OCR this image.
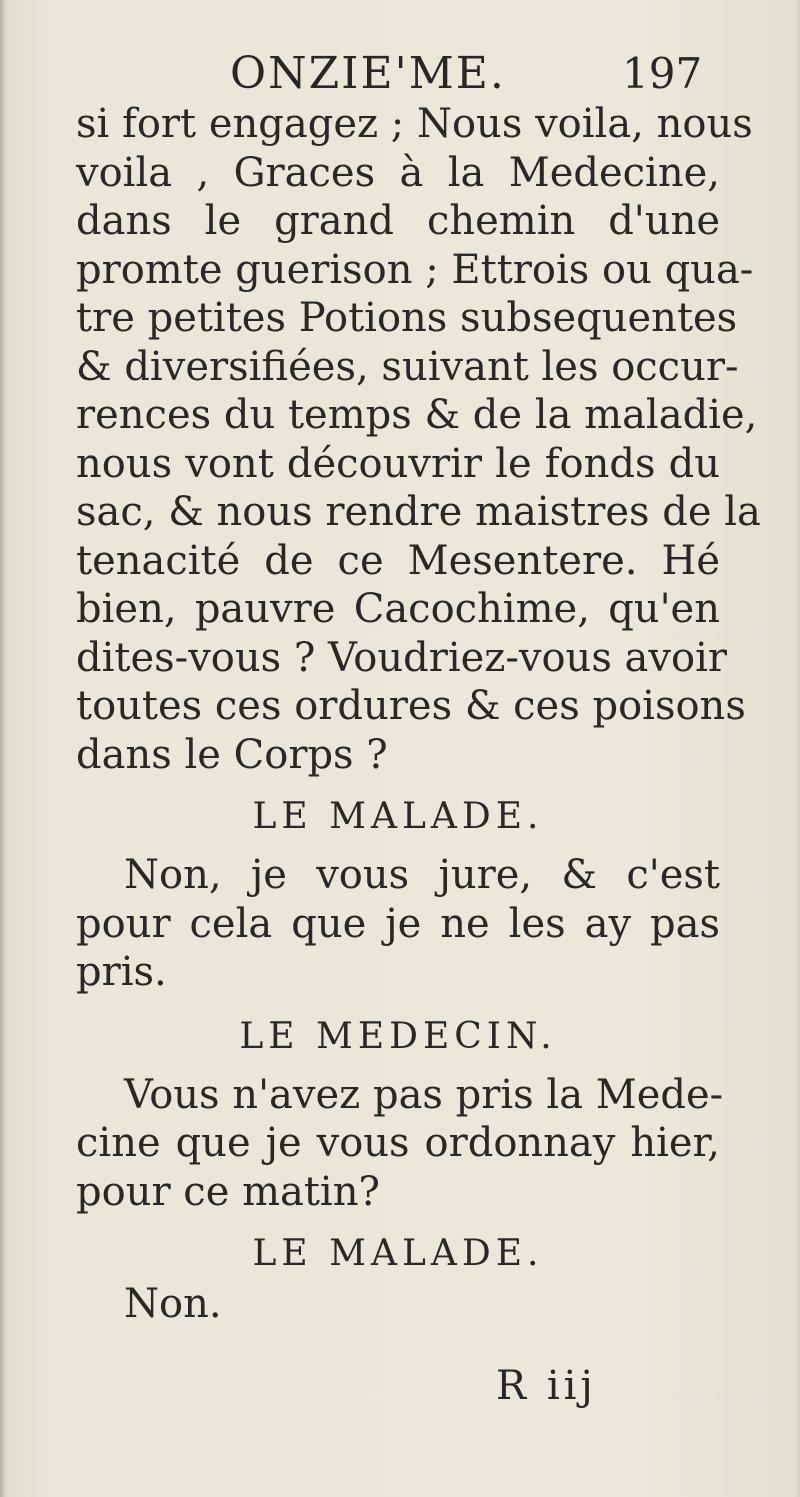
ONZIE'ME.	197
si fort engagez ; Nous voila, nous
voila , Graces à la Medecine,
dans le grand chemin d'une
promte guerison ; Ettrois ou qua-
tre petites Potions subsequentes
& diversifiées, suivant les occur-
rences du temps & de la maladie,
nous vont découvrir le fonds du
sac, & nous rendre maistres de la
tenacité de ce Mesentere. Hé
bien, pauvre Cacochime, qu'en
dites-vous ? Voudriez-vous avoir
toutes ces ordures & ces poisons
dans le Corps ?
LE MALADE.
Non, je vous jure, & c'est
pour cela que je ne les ay pas
pris.
LE MEDECIN.
Vous n'avez pas pris la Mede-
cine que je vous ordonnay hier,
pour ce matin?
LE MALADE.
Non.
R iij
